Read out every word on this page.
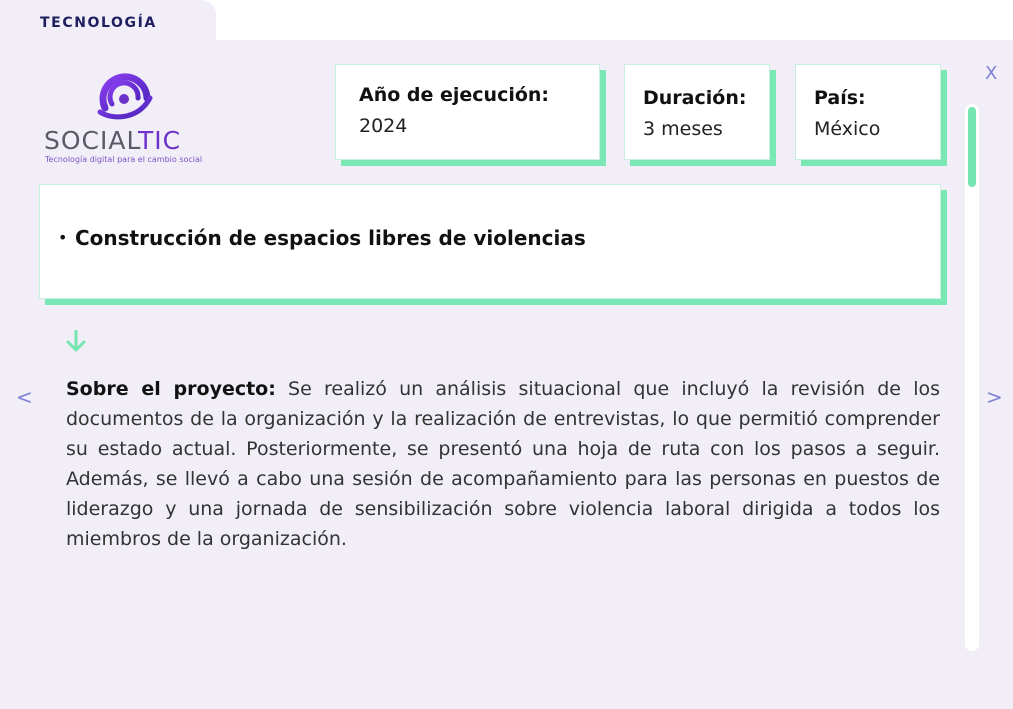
TECNOLOGÍA
SOCIALTIC
Tecnología digital para el cambio social
Año de ejecución:
2024
Duración:
3 meses
País:
México
X
• Construcción de espacios libres de violencias
<	>

Sobre el proyecto: Se realizó un análisis situacional que incluyó la revisión de los documentos de la organización y la realización de entrevistas, lo que permitió comprender su estado actual. Posteriormente, se presentó una hoja de ruta con los pasos a seguir. Además, se llevó a cabo una sesión de acompañamiento para las personas en puestos de liderazgo y una jornada de sensibilización sobre violencia laboral dirigida a todos los miembros de la organización.
